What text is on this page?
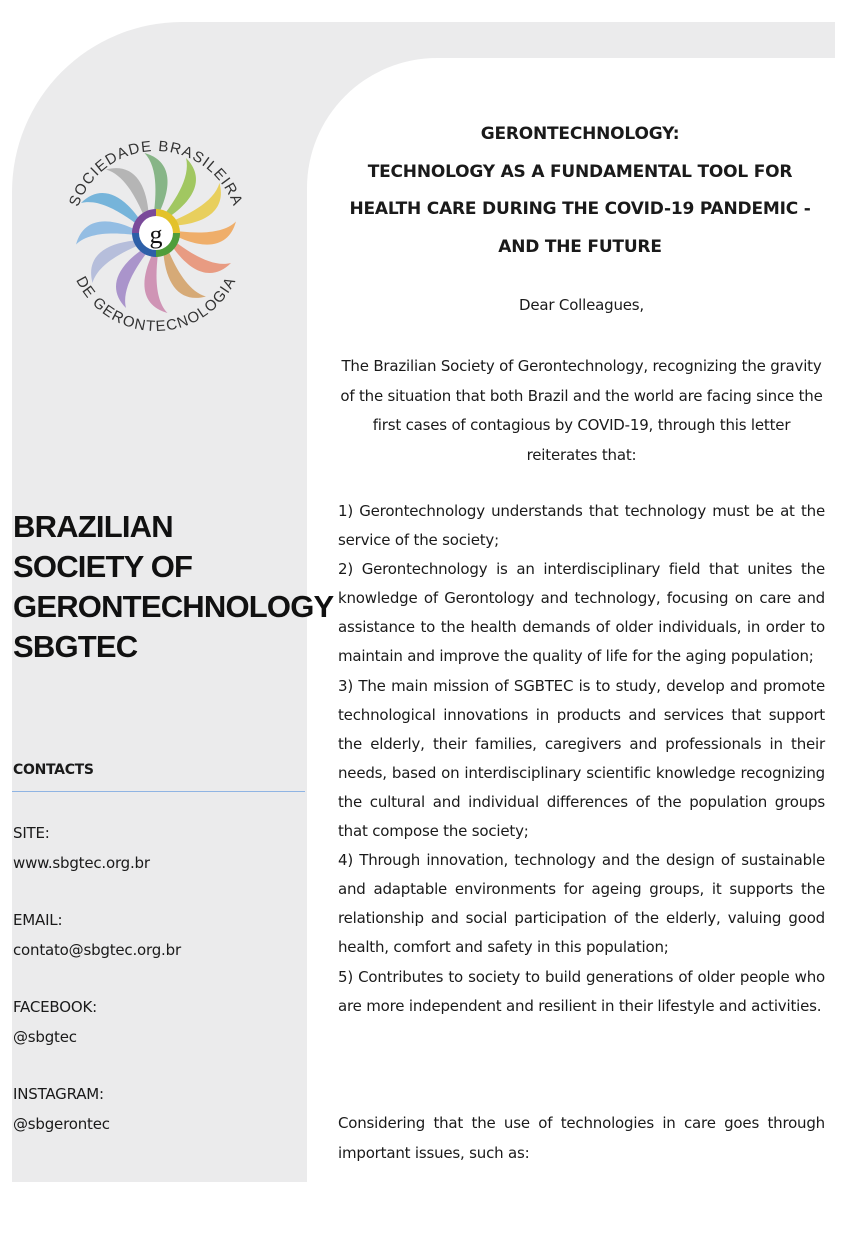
g
SOCIEDADE BRASILEIRA
DE GERONTECNOLOGIA
BRAZILIAN
SOCIETY OF
GERONTECHNOLOGY
SBGTEC
CONTACTS
SITE:
www.sbgtec.org.br
EMAIL:
contato@sbgtec.org.br
FACEBOOK:
@sbgtec
INSTAGRAM:
@sbgerontec
GERONTECHNOLOGY:
TECHNOLOGY AS A FUNDAMENTAL TOOL FOR
HEALTH CARE DURING THE COVID-19 PANDEMIC -
AND THE FUTURE
Dear Colleagues,

The Brazilian Society of Gerontechnology, recognizing the gravity of the situation that both Brazil and the world are facing since the first cases of contagious by COVID-19, through this letter reiterates that:

1) Gerontechnology understands that technology must be at the service of the society;

2) Gerontechnology is an interdisciplinary field that unites the knowledge of Gerontology and technology, focusing on care and assistance to the health demands of older individuals, in order to maintain and improve the quality of life for the aging population;

3) The main mission of SGBTEC is to study, develop and promote technological innovations in products and services that support the elderly, their families, caregivers and professionals in their needs, based on interdisciplinary scientific knowledge recognizing the cultural and individual differences of the population groups that compose the society;

4) Through innovation, technology and the design of sustainable and adaptable environments for ageing groups, it supports the relationship and social participation of the elderly, valuing good health, comfort and safety in this population;

5) Contributes to society to build generations of older people who are more independent and resilient in their lifestyle and activities.

Considering that the use of technologies in care goes through important issues, such as:
